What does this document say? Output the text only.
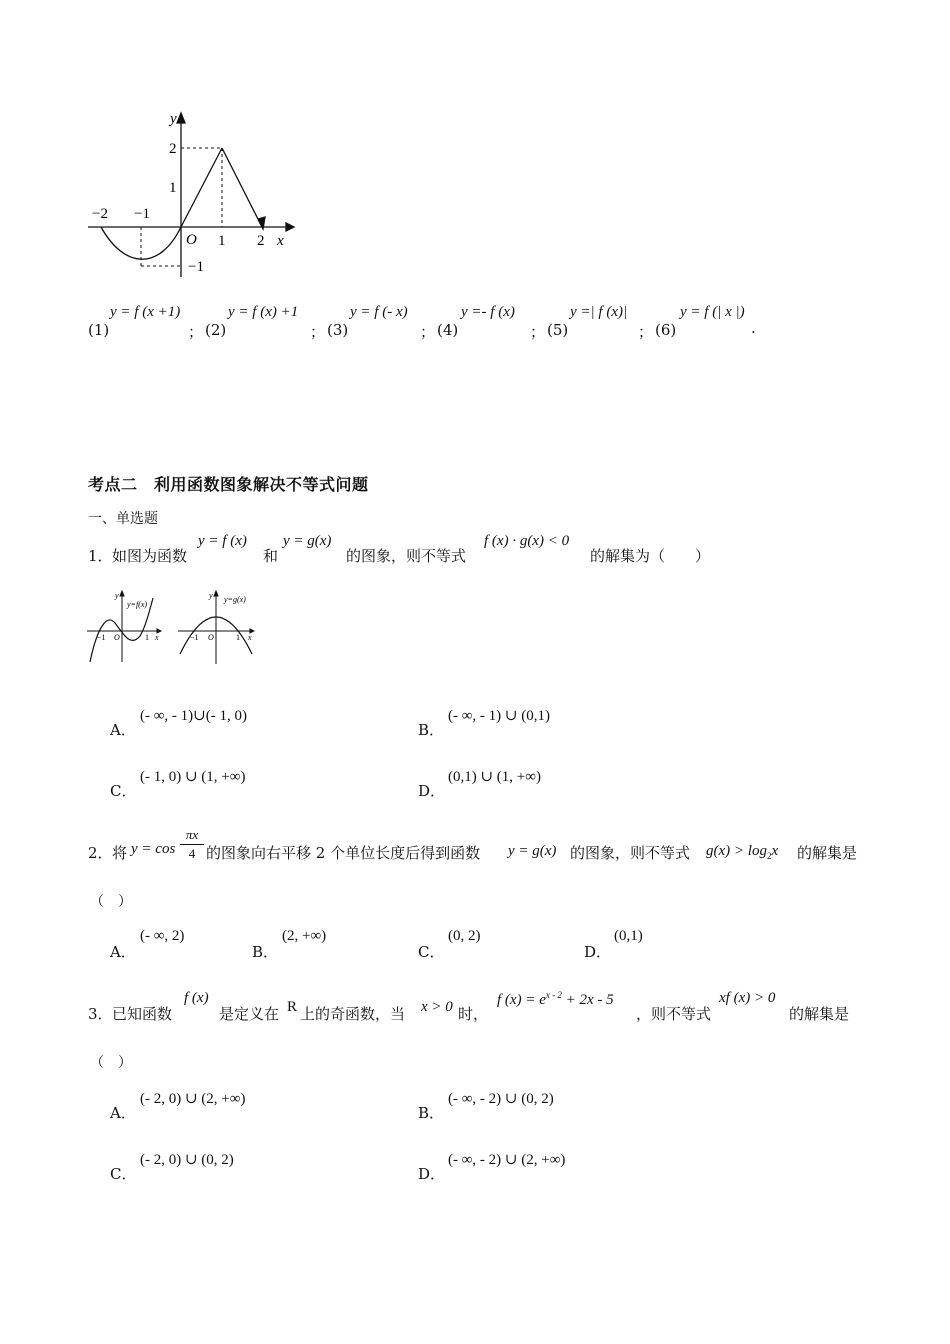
y
x
O
−2 −1
1 2
2
1
−1
(1)
y = f (x +1)
； (2)
y = f (x) +1
； (3)
y = f (- x)
； (4)
y =- f (x)
； (5)
y =| f (x)|
； (6)
y = f (| x |)
.
考点二　利用函数图象解决不等式问题
一、单选题
1． 如图为函数
y = f (x)
和
y = g(x)
的图象，则不等式
f (x) · g(x) < 0
的解集为（　　）
y
x
y=f(x)
O
−1	1
y
x
y=g(x)
O
−1	1
A．
(- ∞, - 1)∪(- 1, 0)
B．
(- ∞, - 1) ∪ (0,1)
C．
(- 1, 0) ∪ (1, +∞)
D．
(0,1) ∪ (1, +∞)
2． 将 y = cos
πx
4 的图象向右平移 2 个单位长度后得到函数 y = g(x) 的图象，则不等式 $g(x) > \log_2x$ 的解集是
（　）
A．
(- ∞, 2)
B．
(2, +∞)
C．
(0, 2)
D．
(0,1)
3． 已知函数
f (x)
是定义在 R 上的奇函数，当 x > 0 时，
f $(x) = e^{x - 2} + 2x - 5$
，则不等式
xf (x) > 0
的解集是
（　）
A．
(- 2, 0) ∪ (2, +∞)
B．
(- ∞, - 2) ∪ (0, 2)
C．
(- 2, 0) ∪ (0, 2)
D．
(- ∞, - 2) ∪ (2, +∞)
